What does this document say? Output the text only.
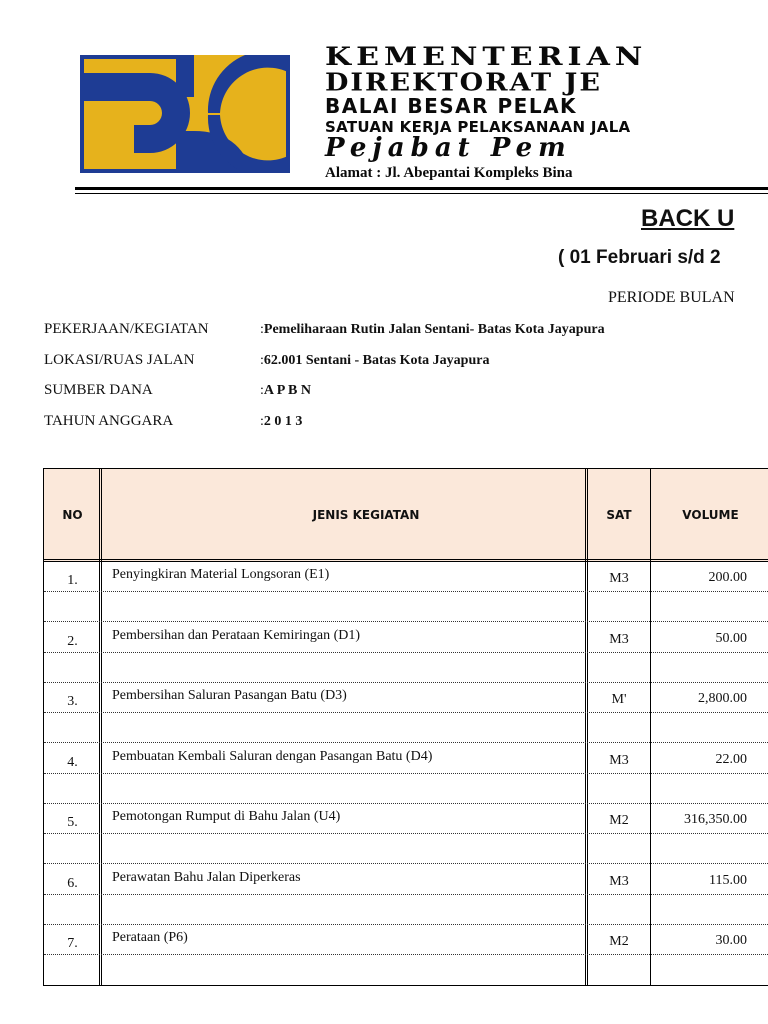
KEMENTERIAN
DIREKTORAT JE
BALAI BESAR PELAK
SATUAN KERJA PELAKSANAAN JALA
Pejabat Pem
Alamat : Jl. Abepantai Kompleks Bina
BACK U
( 01 Februari s/d 2
PERIODE BULAN
PEKERJAAN/KEGIATAN	:Pemeliharaan Rutin Jalan Sentani- Batas Kota Jayapura
LOKASI/RUAS JALAN	:62.001 Sentani - Batas Kota Jayapura
SUMBER DANA	:A P B N
TAHUN ANGGARA	:2 0 1 3
NO	JENIS KEGIATAN	SAT	VOLUME
1.	Penyingkiran Material Longsoran (E1)	M3	200.00
2.	Pembersihan dan Perataan Kemiringan (D1)	M3	50.00
3.	Pembersihan Saluran Pasangan Batu (D3)	M'	2,800.00
4.	Pembuatan Kembali Saluran dengan Pasangan Batu (D4)	M3	22.00
5.	Pemotongan Rumput di Bahu Jalan (U4)	M2	316,350.00
6.	Perawatan Bahu Jalan Diperkeras	M3	115.00
7.	Perataan (P6)	M2	30.00
